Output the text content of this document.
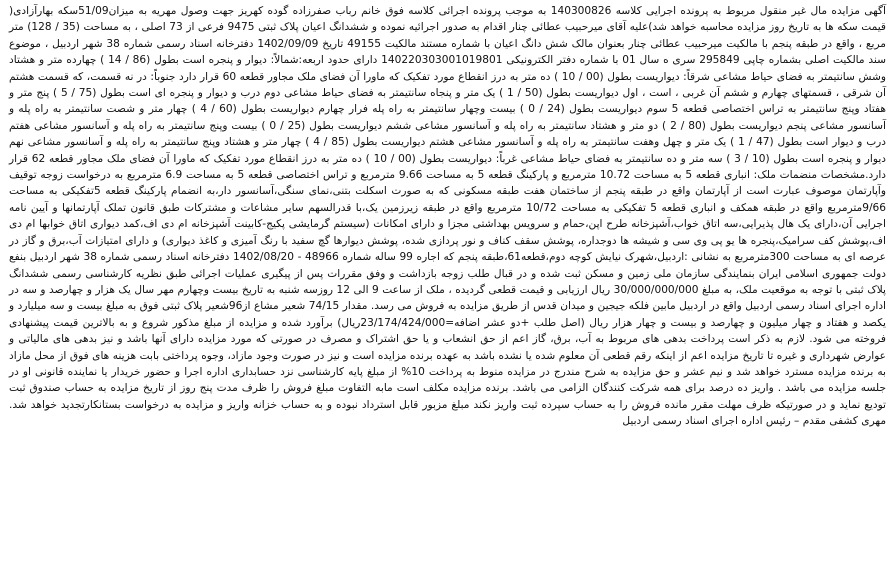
آگهی مزایده مال غیر منقول مربوط به پرونده اجرایی کلاسه 140300826 به موجب پرونده اجرائی کلاسه فوق خانم رباب صفرزاده گوده کهریز جهت وصول مهریه به میزان51/09سکه بهارآزادی( قیمت سکه ها به تاریخ روز مزایده محاسبه خواهد شد)علیه آقای میرحبیب عطائی چنار اقدام به صدور اجرائیه نموده و ششدانگ اعیان پلاک ثبتی 9475 فرعی از 73 اصلی ، به مساحت (35 / 128) متر مربع ، واقع در طبقه پنجم با مالکیت میرحبیب عطائی چنار بعنوان مالک شش دانگ اعیان با شماره مستند مالکیت 49155 تاریخ 1402/09/09 دفترخانه اسناد رسمی شماره 38 شهر اردبیل ، موضوع سند مالکیت اصلی بشماره چاپی 295849 سری ه سال 01 با شماره دفتر الکترونیکی 140220303001019801 دارای حدود اربعه:شمالاً: دیوار و پنجره است بطول (86 / 14 ) چهارده متر و هشتاد وشش سانتیمتر به فضای حیاط مشاعی شرقاً: دیواریست بطول (00 / 10 ) ده متر به درز انقطاع مورد تفکیک که ماورا آن فضای ملک مجاور قطعه 60 قرار دارد جنوباً: در نه قسمت، که قسمت هشتم آن شرقی ، قسمتهای چهارم و ششم آن غربی ، است ، اول دیواریست بطول (50 / 1 ) یک متر و پنجاه سانتیمتر به فضای حیاط مشاعی دوم درب و دیوار و پنجره ای است بطول (75 / 5 ) پنج متر و هفتاد وپنج سانتیمتر به تراس اختصاصی قطعه 5 سوم دیواریست بطول (24 / 0 ) بیست وچهار سانتیمتر به راه پله فرار چهارم دیواریست بطول (60 / 4 ) چهار متر و شصت سانتیمتر به راه پله و آسانسور مشاعی پنجم دیواریست بطول (80 / 2 ) دو متر و هشتاد سانتیمتر به راه پله و آسانسور مشاعی ششم دیواریست بطول (25 / 0 ) بیست وپنج سانتیمتر به راه پله و آسانسور مشاعی هفتم درب و دیوار است بطول (47 / 1 ) یک متر و چهل وهفت سانتیمتر به راه پله و آسانسور مشاعی هشتم دیواریست بطول (85 / 4 ) چهار متر و هشتاد وپنج سانتیمتر به راه پله و آسانسور مشاعی نهم دیوار و پنجره است بطول (10 / 3 ) سه متر و ده سانتیمتر به فضای حیاط مشاعی غرباً: دیواریست بطول (00 / 10 ) ده متر به درز انقطاع مورد تفکیک که ماورا آن فضای ملک مجاور قطعه 62 قرار دارد.مشخصات منضمات ملک: انباری قطعه 5 به مساحت 10.72 مترمربع و پارکینگ قطعه 5 به مساحت 9.66 مترمربع و تراس اختصاصی قطعه 5 به مساحت 6.9 مترمربع به درخواست زوجه توقیف وآپارتمان موصوف عبارت است از آپارتمان واقع در طبقه پنجم از ساختمان هفت طبقه مسکونی که به صورت اسکلت بتنی،نمای سنگی،آسانسور دار،به انضمام پارکینگ قطعه 5تفکیکی به مساحت 9/66مترمربع واقع در طبقه همکف و انباری قطعه 5 تفکیکی به مساحت 10/72 مترمربع واقع در طبقه زیرزمین یک،با قدرالسهم سایر مشاعات و مشترکات طبق قانون تملک آپارتمانها و آیین نامه اجرایی آن،دارای یک هال پذیرایی،سه اتاق خواب،آشپزخانه طرح اپن،حمام و سرویس بهداشتی مجزا و دارای امکانات (سیستم گرمایشی پکیج-کابینت آشپزخانه ام دی اف،کمد دیواری اتاق خوابها ام دی اف،پوشش کف سرامیک،پنجره ها یو پی وی سی و شیشه ها دوجداره، پوشش سقف کناف و نور پردازی شده، پوشش دیوارها گچ سفید با رنگ آمیزی و کاغذ دیواری) و دارای امتیازات آب،برق و گاز در عرصه ای به مساحت 300مترمربع به نشانی :اردبیل،شهرک نیایش کوچه دوم،قطعه61،طبقه پنجم که اجاره 99 ساله شماره 48966 - 1402/08/20 دفترخانه اسناد رسمی شماره 38 شهر اردبیل بنفع دولت جمهوری اسلامی ایران بنمایندگی سازمان ملی زمین و مسکن ثبت شده و در قبال طلب زوجه بازداشت و وفق مقررات پس از پیگیری عملیات اجرائی طبق نظریه کارشناسی رسمی ششدانگ پلاک ثبتی با توجه به موقعیت ملک، به مبلغ 30/000/000/000 ریال ارزیابی و قیمت قطعی گردیده ، ملک از ساعت 9 الی 12 روزسه شنبه به تاریخ بیست وچهارم مهر سال یک هزار و چهارصد و سه در اداره اجرای اسناد رسمی اردبیل واقع در اردبیل مابین فلکه جیجین و میدان قدس از طریق مزایده به فروش می رسد. مقدار 74/15 شعیر مشاع از96شعیر پلاک ثبتی فوق به مبلغ بیست و سه میلیارد و یکصد و هفتاد و چهار میلیون و چهارصد و بیست و چهار هزار ریال (اصل طلب +دو عشر اضافه=23/174/424/000ریال) برآورد شده و مزایده از مبلغ مذکور شروع و به بالاترین قیمت پیشنهادی فروخته می شود. لازم به ذکر است پرداخت بدهی های مربوط به آب، برق، گاز اعم از حق انشعاب و یا حق اشتراک و مصرف در صورتی که مورد مزایده دارای آنها باشد و نیز بدهی های مالیاتی و عوارض شهرداری و غیره تا تاریخ مزایده اعم از اینکه رقم قطعی آن معلوم شده یا نشده باشد به عهده برنده مزایده است و نیز در صورت وجود مازاد، وجوه پرداختی بابت هزینه های فوق از محل مازاد به برنده مزایده مسترد خواهد شد و نیم عشر و حق مزایده به شرح مندرج در مزایده منوط به پرداخت 10% از مبلغ پایه کارشناسی نزد حسابداری اداره اجرا و حضور خریدار یا نماینده قانونی او در جلسه مزایده می باشد . واریز ده درصد برای همه شرکت کنندگان الزامی می باشد. برنده مزایده مکلف است مابه التفاوت مبلغ فروش را ظرف مدت پنج روز از تاریخ مزایده به حساب صندوق ثبت تودیع نماید و در صورتیکه ظرف مهلت مقرر مانده فروش را به حساب سپرده ثبت واریز نکند مبلغ مزبور قابل استرداد نبوده و به حساب خزانه واریز و مزایده به درخواست بستانکارتجدید خواهد شد. مهری کشفی مقدم – رئیس اداره اجرای اسناد رسمی اردبیل
